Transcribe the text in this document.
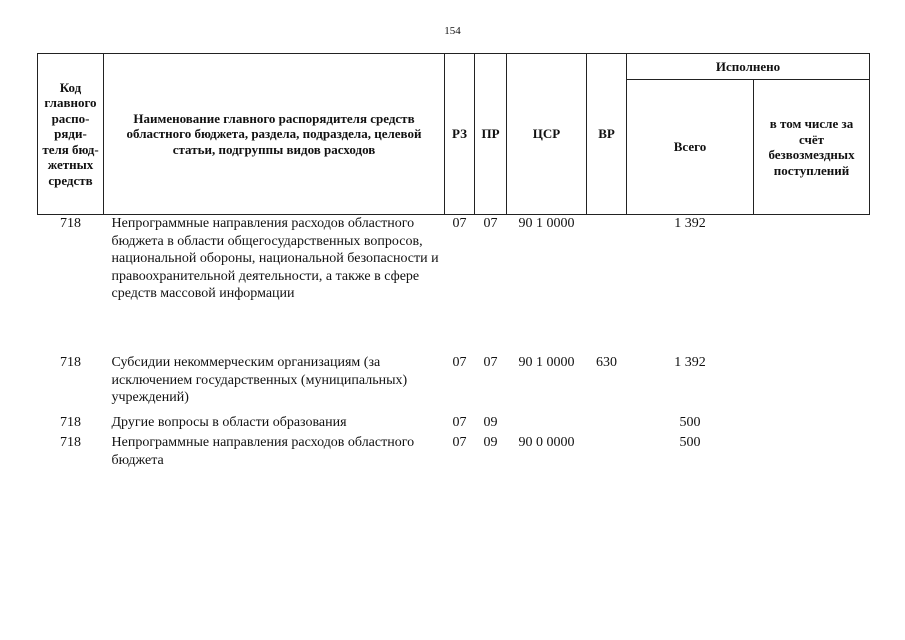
154
Код главного распо-ряди-теля бюд-жетных средств	Наименование главного распорядителя средств областного бюджета, раздела, подраздела, целевой статьи, подгруппы видов расходов	РЗ	ПР	ЦСР	ВР	Исполнено	
						Всего	в том числе за счёт безвозмездных поступлений
718	Непрограммные направления расходов областного бюджета в области общегосударственных вопросов, национальной обороны, национальной безопасности и правоохранительной деятельности, а также в сфере средств массовой информации	07	07	90 1 0000		1 392	
718	Субсидии некоммерческим организациям (за исключением государственных (муниципальных) учреждений)	07	07	90 1 0000	630	1 392	
718	Другие вопросы в области образования	07	09			500	
718	Непрограммные направления расходов областного бюджета	07	09	90 0 0000		500	
